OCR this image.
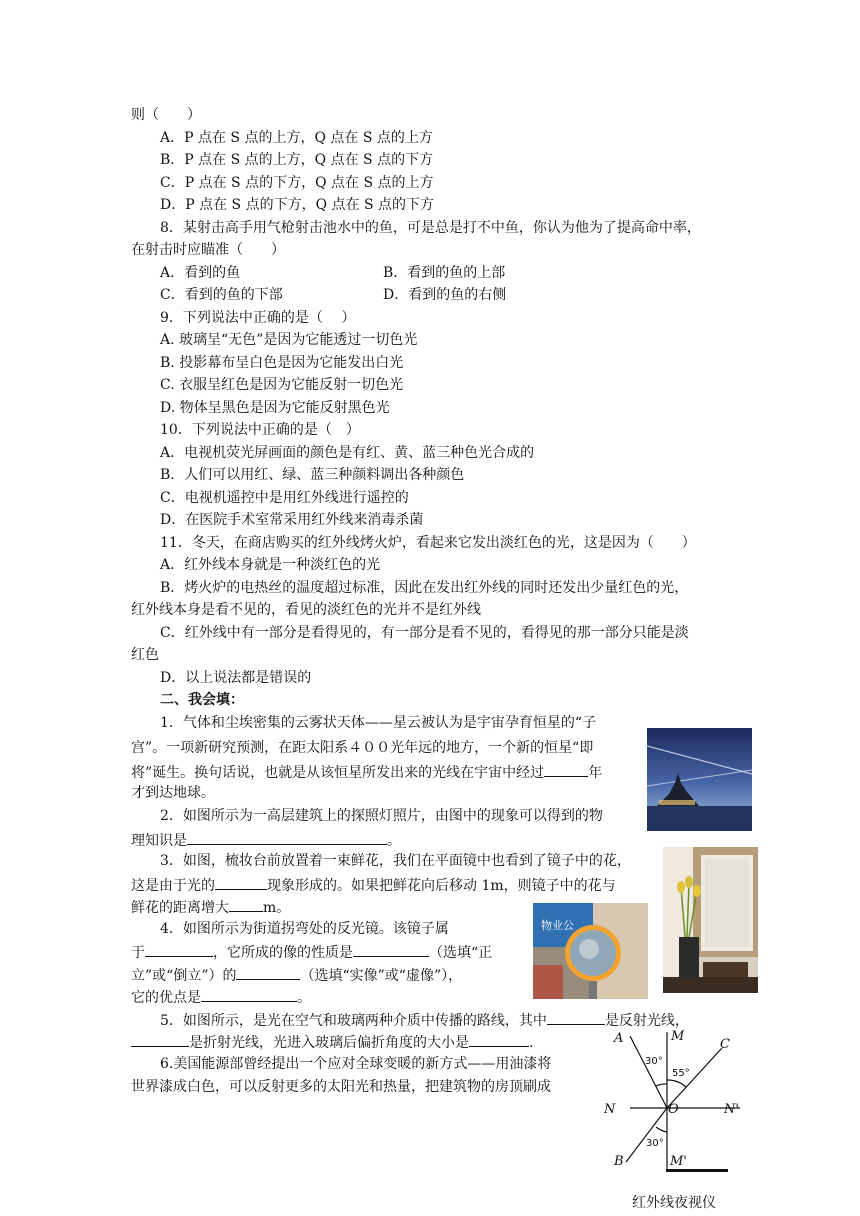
则（　　）
A．P 点在 S 点的上方，Q 点在 S 点的上方
B．P 点在 S 点的上方，Q 点在 S 点的下方
C．P 点在 S 点的下方，Q 点在 S 点的上方
D．P 点在 S 点的下方，Q 点在 S 点的下方
8．某射击高手用气枪射击池水中的鱼，可是总是打不中鱼，你认为他为了提高命中率，
在射击时应瞄准（　　）
A．看到的鱼	B．看到的鱼的上部
C．看到的鱼的下部	D．看到的鱼的右侧
9．下列说法中正确的是（　 ）
A. 玻璃呈“无色”是因为它能透过一切色光
B. 投影幕布呈白色是因为它能发出白光
C. 衣服呈红色是因为它能反射一切色光
D. 物体呈黑色是因为它能反射黑色光
10．下列说法中正确的是（　）
A．电视机荧光屏画面的颜色是有红、黄、蓝三种色光合成的
B．人们可以用红、绿、蓝三种颜料调出各种颜色
C．电视机遥控中是用红外线进行遥控的
D．在医院手术室常采用红外线来消毒杀菌
11．冬天，在商店购买的红外线烤火炉，看起来它发出淡红色的光，这是因为（　　）
A．红外线本身就是一种淡红色的光
B．烤火炉的电热丝的温度超过标准，因此在发出红外线的同时还发出少量红色的光，
红外线本身是看不见的，看见的淡红色的光并不是红外线
C．红外线中有一部分是看得见的，有一部分是看不见的，看得见的那一部分只能是淡
红色
D．以上说法都是错误的
二、我会填：
1．气体和尘埃密集的云雾状天体——星云被认为是宇宙孕育恒星的“子
宫”。一项新研究预测，在距太阳系４００光年远的地方，一个新的恒星“即
将”诞生。换句话说，也就是从该恒星所发出来的光线在宇宙中经过	年
才到达地球。
2．如图所示为一高层建筑上的探照灯照片，由图中的现象可以得到的物
理知识是	。
3．如图，梳妆台前放置着一束鲜花，我们在平面镜中也看到了镜子中的花，
这是由于光的	现象形成的。如果把鲜花向后移动 1m，则镜子中的花与
鲜花的距离增大 m。
4．如图所示为街道拐弯处的反光镜。该镜子属
于	，它所成的像的性质是	（选填“正
立”或“倒立”）的	（选填“实像”或“虚像”），
它的优点是	。
5．如图所示，是光在空气和玻璃两种介质中传播的路线，其中	是反射光线，
是折射光线，光进入玻璃后偏折角度的大小是	.
6.美国能源部曾经提出一个应对全球变暖的新方式——用油漆将
世界漆成白色，可以反射更多的太阳光和热量，把建筑物的房顶刷成
物业公
A	M
C
N	O	N'
B	M'
30°
55°
30°
红外线夜视仪
